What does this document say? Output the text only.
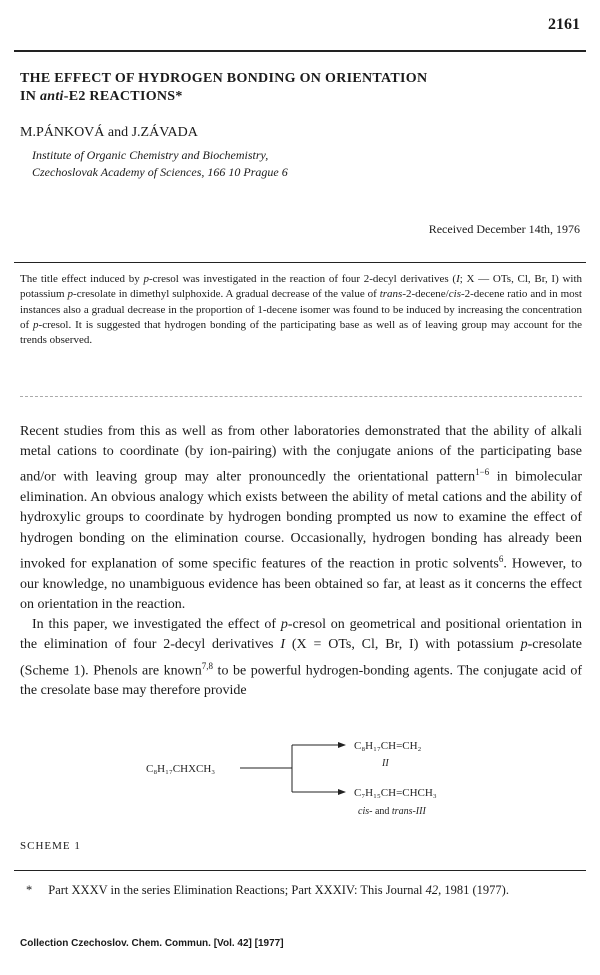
2161
THE EFFECT OF HYDROGEN BONDING ON ORIENTATION
IN anti-E2 REACTIONS*
M.PÁNKOVÁ and J.ZÁVADA
Institute of Organic Chemistry and Biochemistry,
Czechoslovak Academy of Sciences, 166 10 Prague 6
Received December 14th, 1976
The title effect induced by p-cresol was investigated in the reaction of four 2-decyl derivatives (I; X — OTs, Cl, Br, I) with potassium p-cresolate in dimethyl sulphoxide. A gradual decrease of the value of trans-2-decene/cis-2-decene ratio and in most instances also a gradual decrease in the proportion of 1-decene isomer was found to be induced by increasing the concentration of p-cresol. It is suggested that hydrogen bonding of the participating base as well as of leaving group may account for the trends observed.

Recent studies from this as well as from other laboratories demonstrated that the ability of alkali metal cations to coordinate (by ion-pairing) with the conjugate anions of the participating base and/or with leaving group may alter pronouncedly the orientational pattern$^{1-6}$ in bimolecular elimination. An obvious analogy which exists between the ability of metal cations and the ability of hydroxylic groups to coordinate by hydrogen bonding prompted us now to examine the effect of hydrogen bonding on the elimination course. Occasionally, hydrogen bonding has already been invoked for explanation of some specific features of the reaction in protic solvents$^6$. However, to our knowledge, no unambiguous evidence has been obtained so far, at least as it concerns the effect on orientation in the reaction.

In this paper, we investigated the effect of p-cresol on geometrical and positional orientation in the elimination of four 2-decyl derivatives I (X = OTs, Cl, Br, I) with potassium p-cresolate (Scheme 1). Phenols are known$^{7,8}$ to be powerful hydrogen-bonding agents. The conjugate acid of the cresolate base may therefore provide

C₈H₁₇CHXCH₃
C₈H₁₇CH=CH₂
II
C₇H₁₅CH=CHCH₃
cis- and trans-III
SCHEME 1
* Part XXXV in the series Elimination Reactions; Part XXXIV: This Journal 42, 1981 (1977).
Collection Czechoslov. Chem. Commun. [Vol. 42] [1977]
